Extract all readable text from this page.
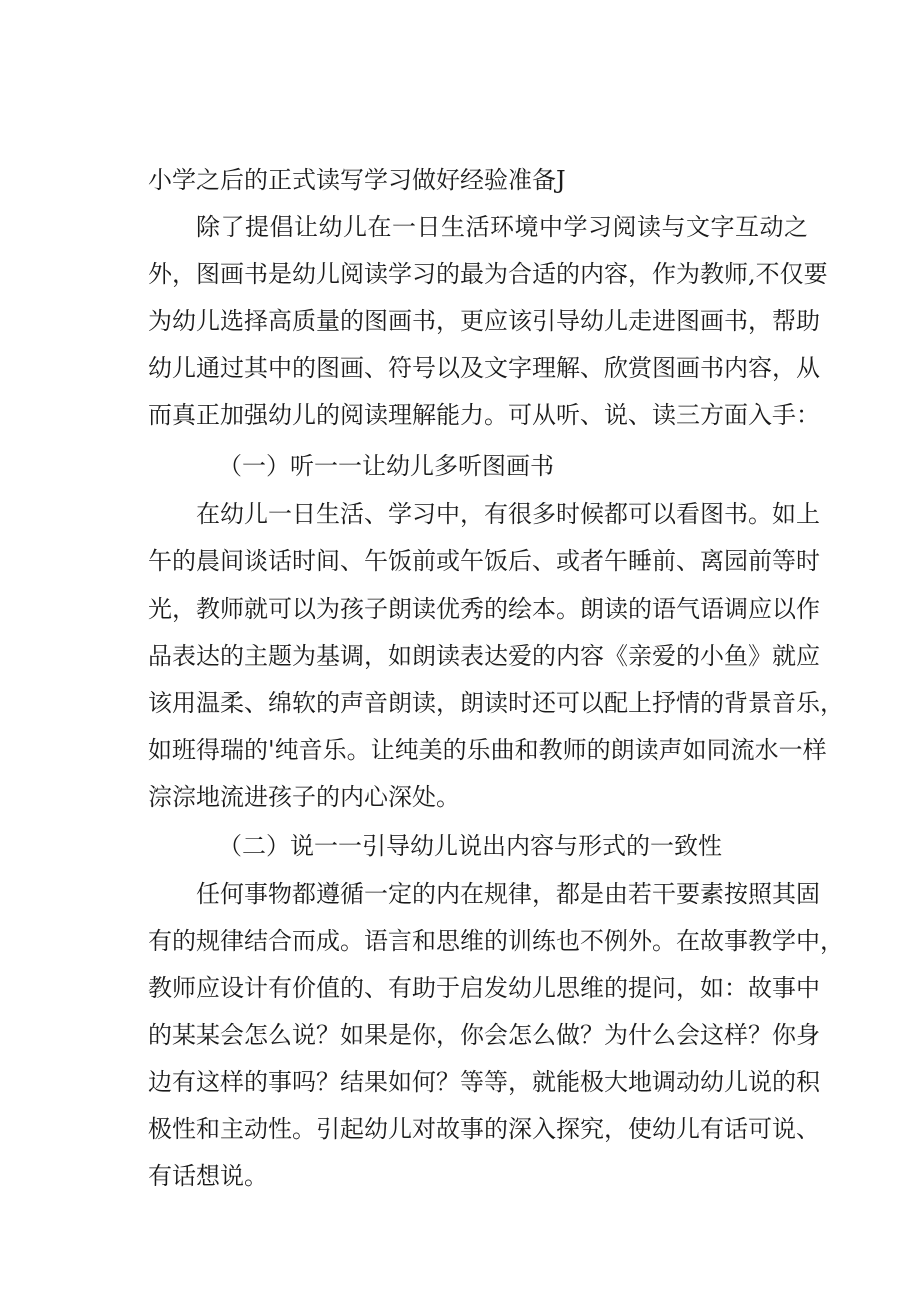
小学之后的正式读写学习做好经验准备J
除了提倡让幼儿在一日生活环境中学习阅读与文字互动之
外，图画书是幼儿阅读学习的最为合适的内容，作为教师,不仅要
为幼儿选择高质量的图画书，更应该引导幼儿走进图画书，帮助
幼儿通过其中的图画、符号以及文字理解、欣赏图画书内容，从
而真正加强幼儿的阅读理解能力。可从听、说、读三方面入手：
（一）听一一让幼儿多听图画书
在幼儿一日生活、学习中，有很多时候都可以看图书。如上
午的晨间谈话时间、午饭前或午饭后、或者午睡前、离园前等时
光，教师就可以为孩子朗读优秀的绘本。朗读的语气语调应以作
品表达的主题为基调，如朗读表达爱的内容《亲爱的小鱼》就应
该用温柔、绵软的声音朗读，朗读时还可以配上抒情的背景音乐，
如班得瑞的'纯音乐。让纯美的乐曲和教师的朗读声如同流水一样
淙淙地流进孩子的内心深处。
（二）说一一引导幼儿说出内容与形式的一致性
任何事物都遵循一定的内在规律，都是由若干要素按照其固
有的规律结合而成。语言和思维的训练也不例外。在故事教学中，
教师应设计有价值的、有助于启发幼儿思维的提问，如：故事中
的某某会怎么说？如果是你，你会怎么做？为什么会这样？你身
边有这样的事吗？结果如何？等等，就能极大地调动幼儿说的积
极性和主动性。引起幼儿对故事的深入探究，使幼儿有话可说、
有话想说。
